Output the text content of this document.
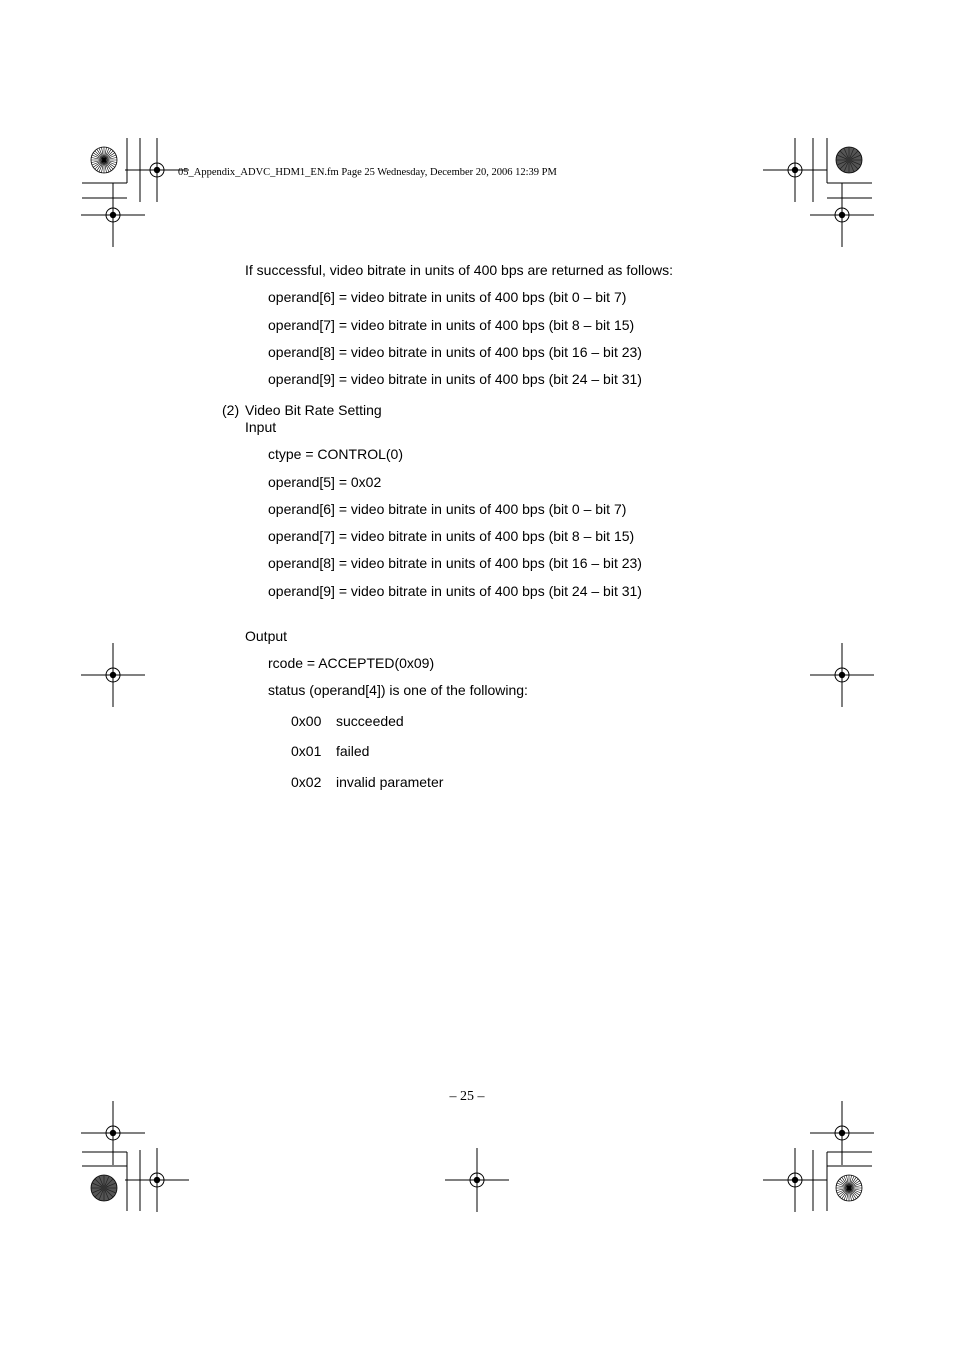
05_Appendix_ADVC_HDM1_EN.fm Page 25 Wednesday, December 20, 2006 12:39 PM
If successful, video bitrate in units of 400 bps are returned as follows:
operand[6] = video bitrate in units of 400 bps (bit 0 – bit 7)
operand[7] = video bitrate in units of 400 bps (bit 8 – bit 15)
operand[8] = video bitrate in units of 400 bps (bit 16 – bit 23)
operand[9] = video bitrate in units of 400 bps (bit 24 – bit 31)
(2) Video Bit Rate Setting
Input
ctype = CONTROL(0)
operand[5] = 0x02
operand[6] = video bitrate in units of 400 bps (bit 0 – bit 7)
operand[7] = video bitrate in units of 400 bps (bit 8 – bit 15)
operand[8] = video bitrate in units of 400 bps (bit 16 – bit 23)
operand[9] = video bitrate in units of 400 bps (bit 24 – bit 31)
Output
rcode = ACCEPTED(0x09)
status (operand[4]) is one of the following:
0x00 succeeded
0x01 failed
0x02 invalid parameter
– 25 –
